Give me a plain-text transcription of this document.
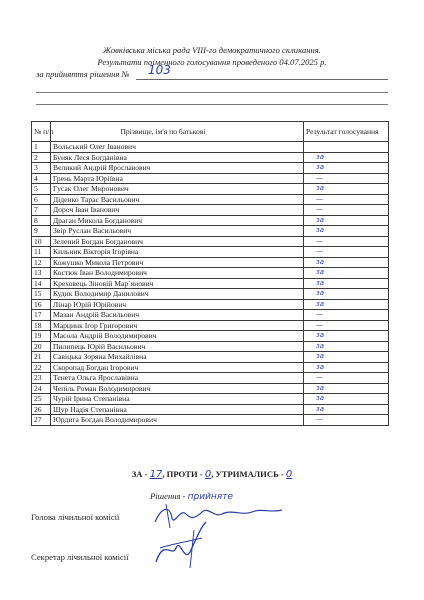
Жовківська міська рада VIII-го демократичного скликання.
Результати поіменного голосування проведеного 04.07.2025 р.
за прийняття рішення № 103
№ п/п	Прізвище, ім'я по батькові	Результат голосування
1	Вольський Олег Іванович	
2	Буняк Леся Богданівна	за
3	Великий Андрій Ярославович	за
4	Грень Марта Юріївна	—
5	Гусак Олег Миронович	за
6	Діденко Тарас Васильович	—
7	Дороч Іван Іванович	—
8	Драган Микола Богданович	за
9	Звір Руслан Васильович	за
10	Зелений Богдан Богданович	—
11	Кильник Вікторія Ігорівна	—
12	Кожушко Микола Петрович	за
13	Костюк Іван Володимирович	за
14	Креховець Зіновій Мар`янович	за
15	Кудик Володимир Данилович	за
16	Лінар Юрій Юрійович	за
17	Мазан Андрій Васильович	—
18	Марцинк Ігор Григорович	—
19	Масола Андрій Володимирович	за
20	Пилипець Юрій Васильович	за
21	Савіцька Зоряна Михайлівна	за
22	Скоропад Богдан Ігорович	за
23	Тенета Ольга Ярославівна	—
24	Чепіль Роман Володимирович	за
25	Чурій Ірина Степанівна	за
26	Щур Надія Степанівна	за
27	Юрдига Богдан Володимирович	—
ЗА - 17, ПРОТИ - 0, УТРИМАЛИСЬ - 0
Рішення - прийняте
Голова лічильної комісії
Секретар лічильної комісії
